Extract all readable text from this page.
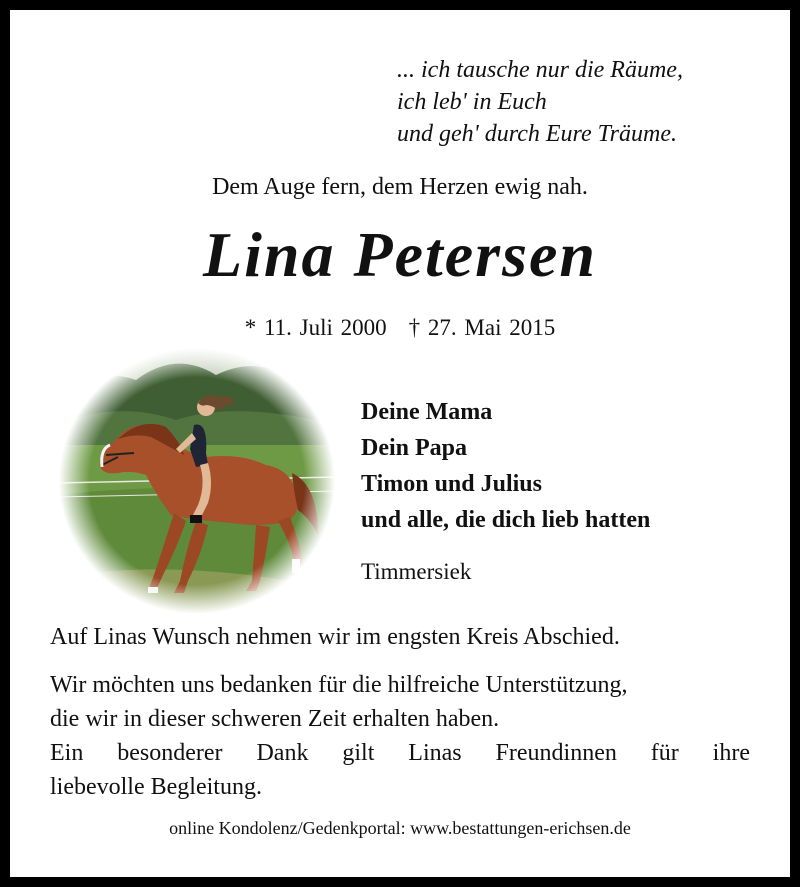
... ich tausche nur die Räume,
ich leb' in Euch
und geh' durch Eure Träume.
Dem Auge fern, dem Herzen ewig nah.
Lina Petersen
* 11. Juli 2000 † 27. Mai 2015
Deine Mama
Dein Papa
Timon und Julius
und alle, die dich lieb hatten
Timmersiek
Auf Linas Wunsch nehmen wir im engsten Kreis Abschied.
Wir möchten uns bedanken für die hilfreiche Unterstützung,
die wir in dieser schweren Zeit erhalten haben.
Ein besonderer Dank gilt Linas Freundinnen für ihre
liebevolle Begleitung.
online Kondolenz/Gedenkportal: www.bestattungen-erichsen.de
